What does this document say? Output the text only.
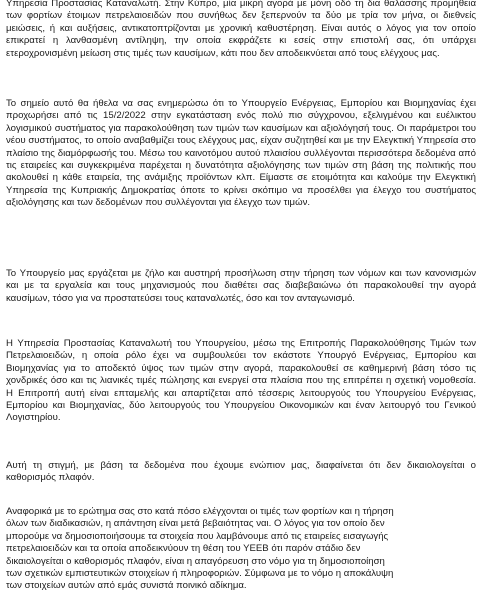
Υπηρεσία Προστασίας Καταναλωτή. Στην Κύπρο, μία μικρή αγορά με μόνη οδό τη δια θαλάσσης προμήθεια των φορτίων έτοιμων πετρελαιοειδών που συνήθως δεν ξεπερνούν τα δύο με τρία τον μήνα, οι διεθνείς μειώσεις, ή και αυξήσεις, αντικατοπτρίζονται με χρονική καθυστέρηση. Είναι αυτός ο λόγος για τον οποίο επικρατεί η λανθασμένη αντίληψη, την οποία εκφράζετε κι εσείς στην επιστολή σας, ότι υπάρχει ετεροχρονισμένη μείωση στις τιμές των καυσίμων, κάτι που δεν αποδεικνύεται από τους ελέγχους μας.

Το σημείο αυτό θα ήθελα να σας ενημερώσω ότι το Υπουργείο Ενέργειας, Εμπορίου και Βιομηχανίας έχει προχωρήσει από τις 15/2/2022 στην εγκατάσταση ενός πολύ πιο σύγχρονου, εξελιγμένου και ευέλικτου λογισμικού συστήματος για παρακολούθηση των τιμών των καυσίμων και αξιολόγησή τους. Οι παράμετροι του νέου συστήματος, το οποίο αναβαθμίζει τους ελέγχους μας, είχαν συζητηθεί και με την Ελεγκτική Υπηρεσία στο πλαίσιο της διαμόρφωσής του. Μέσω του καινοτόμου αυτού πλαισίου συλλέγονται περισσότερα δεδομένα από τις εταιρείες και συγκεκριμένα παρέχεται η δυνατότητα αξιολόγησης των τιμών στη βάση της πολιτικής που ακολουθεί η κάθε εταιρεία, της ανάμιξης προϊόντων κλπ. Είμαστε σε ετοιμότητα και καλούμε την Ελεγκτική Υπηρεσία της Κυπριακής Δημοκρατίας όποτε το κρίνει σκόπιμο να προσέλθει για έλεγχο του συστήματος αξιολόγησης και των δεδομένων που συλλέγονται για έλεγχο των τιμών.

Το Υπουργείο μας εργάζεται με ζήλο και αυστηρή προσήλωση στην τήρηση των νόμων και των κανονισμών και με τα εργαλεία και τους μηχανισμούς που διαθέτει σας διαβεβαιώνω ότι παρακολουθεί την αγορά καυσίμων, τόσο για να προστατεύσει τους καταναλωτές, όσο και τον ανταγωνισμό.

Η Υπηρεσία Προστασίας Καταναλωτή του Υπουργείου, μέσω της Επιτροπής Παρακολούθησης Τιμών των Πετρελαιοειδών, η οποία ρόλο έχει να συμβουλεύει τον εκάστοτε Υπουργό Ενέργειας, Εμπορίου και Βιομηχανίας για το αποδεκτό ύψος των τιμών στην αγορά, παρακολουθεί σε καθημερινή βάση τόσο τις χονδρικές όσο και τις λιανικές τιμές πώλησης και ενεργεί στα πλαίσια που της επιτρέπει η σχετική νομοθεσία. Η Επιτροπή αυτή είναι επταμελής και απαρτίζεται από τέσσερις λειτουργούς του Υπουργείου Ενέργειας, Εμπορίου και Βιομηχανίας, δύο λειτουργούς του Υπουργείου Οικονομικών και έναν λειτουργό του Γενικού Λογιστηρίου.

Αυτή τη στιγμή, με βάση τα δεδομένα που έχουμε ενώπιον μας, διαφαίνεται ότι δεν δικαιολογείται ο καθορισμός πλαφόν.

Αναφορικά με το ερώτημα σας στο κατά πόσο ελέγχονται οι τιμές των φορτίων και η τήρηση

όλων των διαδικασιών, η απάντηση είναι μετά βεβαιότητας ναι. Ο λόγος για τον οποίο δεν

μπορούμε να δημοσιοποιήσουμε τα στοιχεία που λαμβάνουμε από τις εταιρείες εισαγωγής

πετρελαιοειδών και τα οποία αποδεικνύουν τη θέση του ΥΕΕΒ ότι παρόν στάδιο δεν

δικαιολογείται ο καθορισμός πλαφόν, είναι η απαγόρευση στο νόμο για τη δημοσιοποίηση

των σχετικών εμπιστευτικών στοιχείων ή πληροφοριών. Σύμφωνα με το νόμο η αποκάλυψη

των στοιχείων αυτών από εμάς συνιστά ποινικό αδίκημα.
